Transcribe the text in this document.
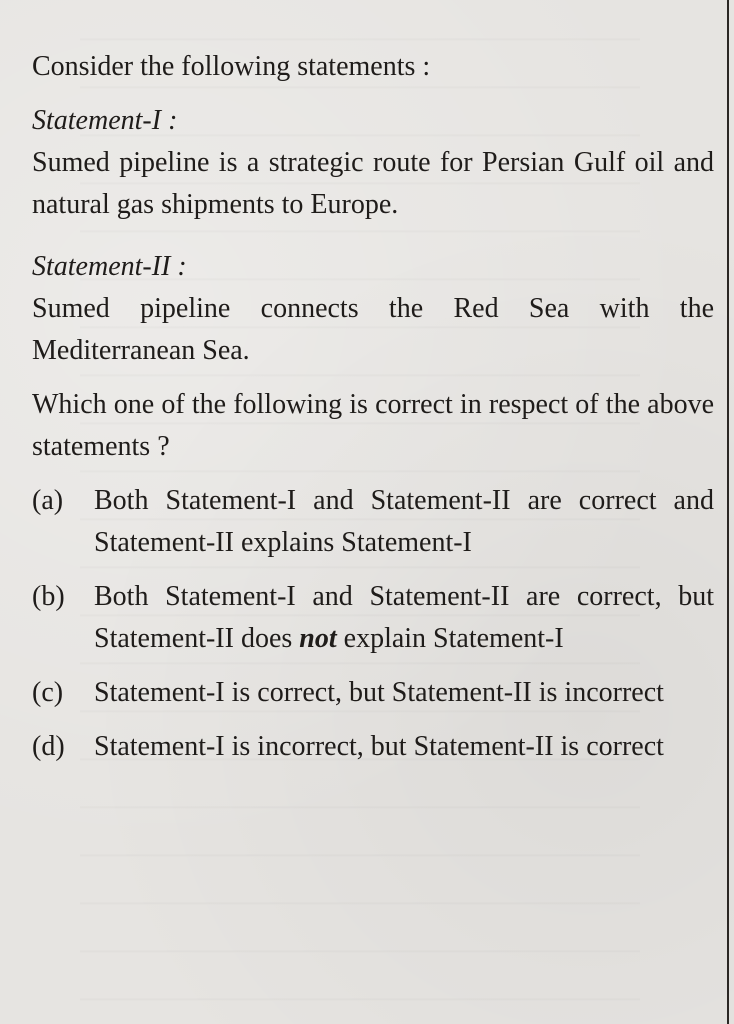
Consider the following statements :

Statement-I :

Sumed pipeline is a strategic route for Persian Gulf oil and natural gas shipments to Europe.

Statement-II :

Sumed pipeline connects the Red Sea with the Mediterranean Sea.

Which one of the following is correct in respect of the above statements ?

(a)	Both Statement-I and Statement-II are correct and Statement-II explains Statement-I
(b)	Both Statement-I and Statement-II are correct, but Statement-II does not explain Statement-I
(c)	Statement-I is correct, but Statement-II is incorrect
(d)	Statement-I is incorrect, but Statement-II is correct
